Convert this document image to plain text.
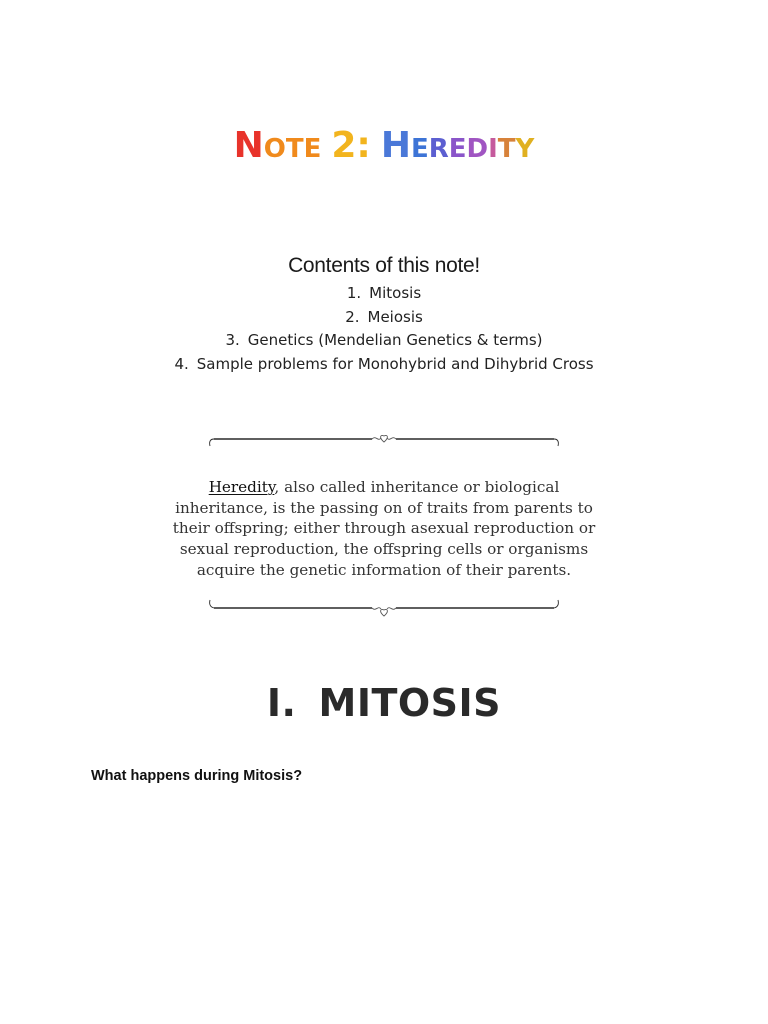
NOTE 2: HEREDITY
Contents of this note!
1. Mitosis
2. Meiosis
3. Genetics (Mendelian Genetics & terms)
4. Sample problems for Monohybrid and Dihybrid Cross

Heredity, also called inheritance or biological inheritance, is the passing on of traits from parents to their offspring; either through asexual reproduction or sexual reproduction, the offspring cells or organisms acquire the genetic information of their parents.

I. MITOSIS
What happens during Mitosis?
